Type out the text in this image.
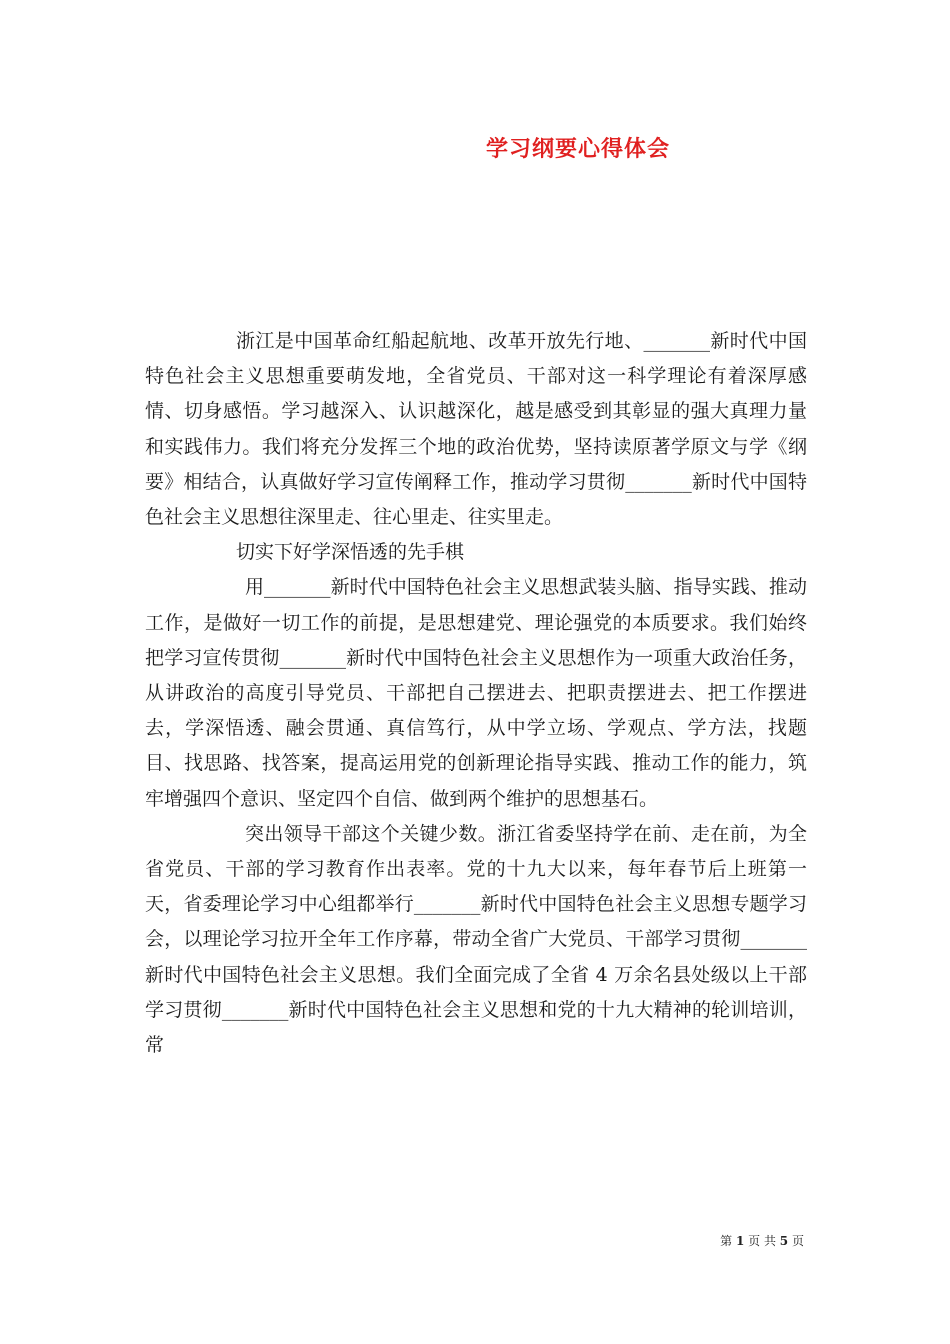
学习纲要心得体会

浙江是中国革命红船起航地、改革开放先行地、_______新时代中国特色社会主义思想重要萌发地，全省党员、干部对这一科学理论有着深厚感情、切身感悟。学习越深入、认识越深化，越是感受到其彰显的强大真理力量和实践伟力。我们将充分发挥三个地的政治优势，坚持读原著学原文与学《纲要》相结合，认真做好学习宣传阐释工作，推动学习贯彻_______新时代中国特色社会主义思想往深里走、往心里走、往实里走。

切实下好学深悟透的先手棋

用_______新时代中国特色社会主义思想武装头脑、指导实践、推动工作，是做好一切工作的前提，是思想建党、理论强党的本质要求。我们始终把学习宣传贯彻_______新时代中国特色社会主义思想作为一项重大政治任务，从讲政治的高度引导党员、干部把自己摆进去、把职责摆进去、把工作摆进去，学深悟透、融会贯通、真信笃行，从中学立场、学观点、学方法，找题目、找思路、找答案，提高运用党的创新理论指导实践、推动工作的能力，筑牢增强四个意识、坚定四个自信、做到两个维护的思想基石。

突出领导干部这个关键少数。浙江省委坚持学在前、走在前，为全省党员、干部的学习教育作出表率。党的十九大以来，每年春节后上班第一天，省委理论学习中心组都举行_______新时代中国特色社会主义思想专题学习会，以理论学习拉开全年工作序幕，带动全省广大党员、干部学习贯彻_______新时代中国特色社会主义思想。我们全面完成了全省 4 万余名县处级以上干部学习贯彻_______新时代中国特色社会主义思想和党的十九大精神的轮训培训，常

第 1 页 共 5 页
